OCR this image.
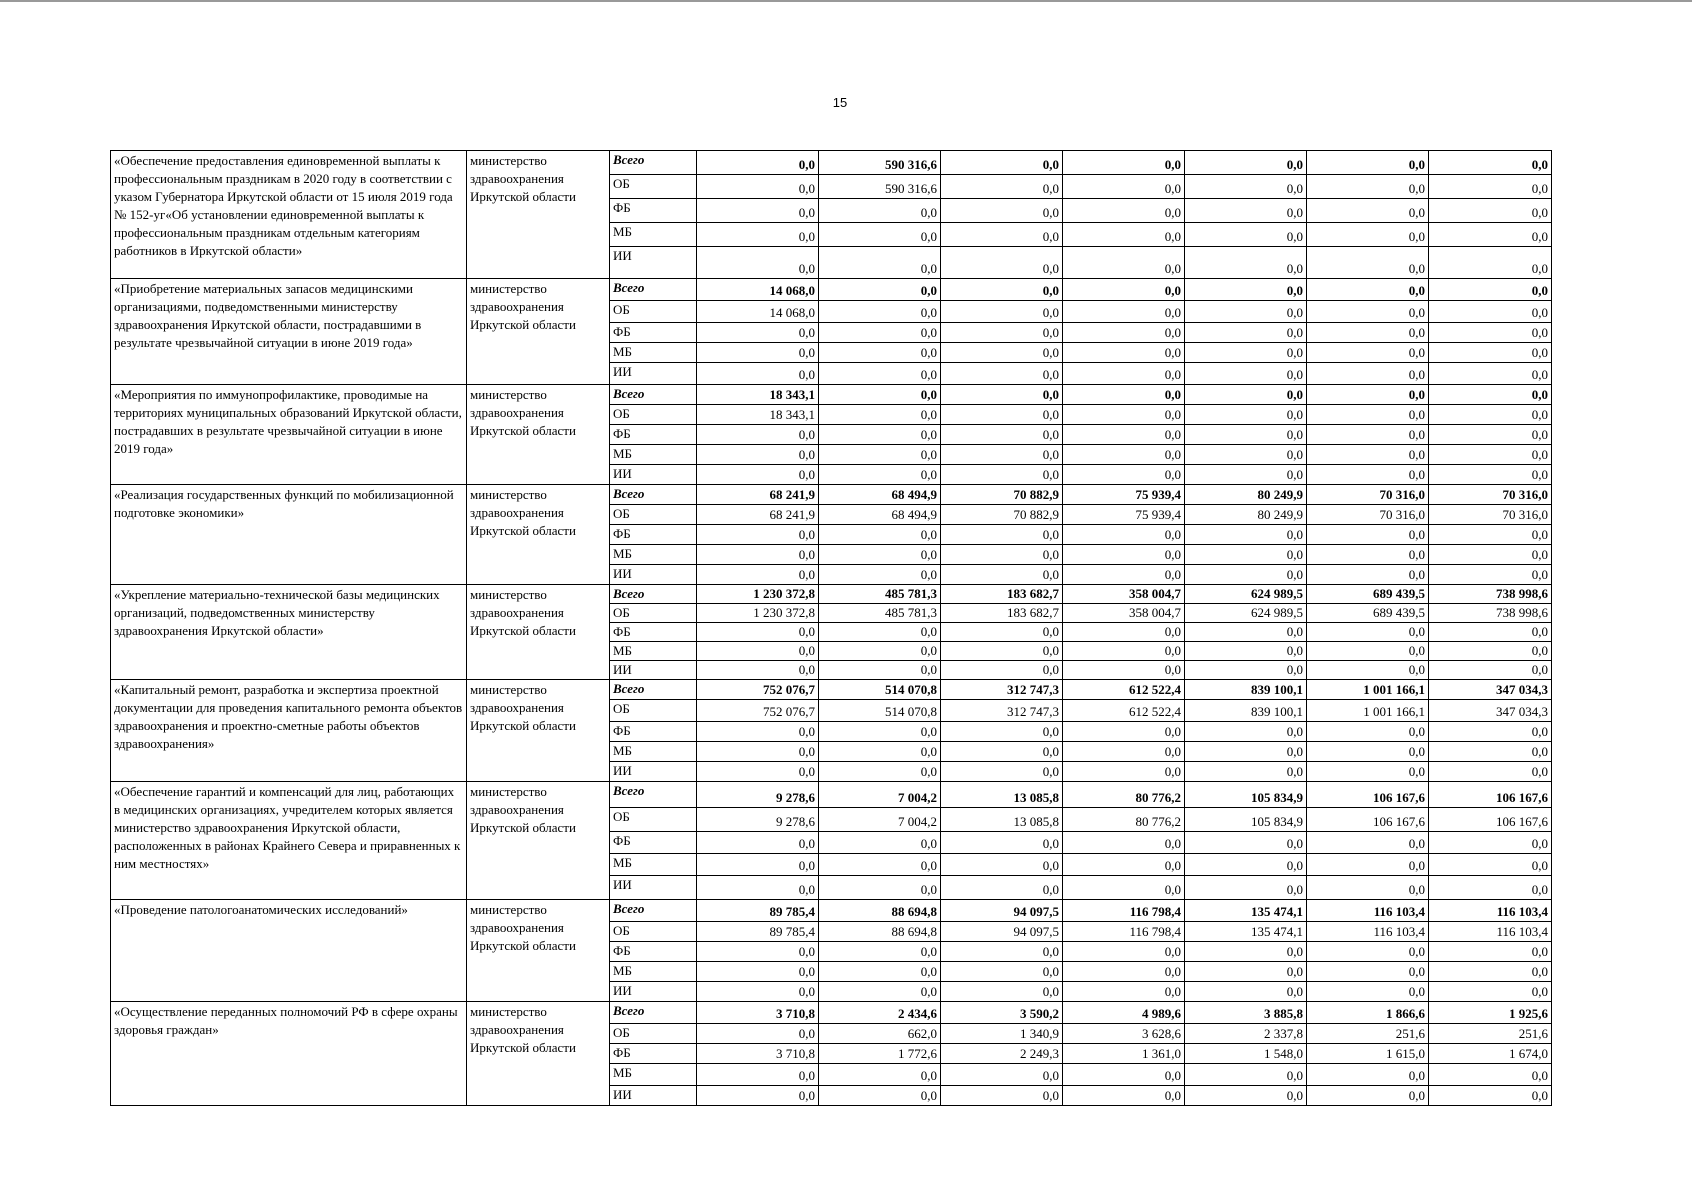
15
«Обеспечение предоставления единовременной выплаты к профессиональным праздникам в 2020 году в соответствии с указом Губернатора Иркутской области от 15 июля 2019 года № 152-уг«Об установлении единовременной выплаты к профессиональным праздникам отдельным категориям работников в Иркутской области»	министерство здравоохранения Иркутской области	Всего	0,0	590 316,6	0,0	0,0	0,0	0,0	0,0
		ОБ	0,0	590 316,6	0,0	0,0	0,0	0,0	0,0
		ФБ	0,0	0,0	0,0	0,0	0,0	0,0	0,0
		МБ	0,0	0,0	0,0	0,0	0,0	0,0	0,0
		ИИ	0,0	0,0	0,0	0,0	0,0	0,0	0,0
«Приобретение материальных запасов медицинскими организациями, подведомственными министерству здравоохранения Иркутской области, пострадавшими в результате чрезвычайной ситуации в июне 2019 года»	министерство здравоохранения Иркутской области	Всего	14 068,0	0,0	0,0	0,0	0,0	0,0	0,0
		ОБ	14 068,0	0,0	0,0	0,0	0,0	0,0	0,0
		ФБ	0,0	0,0	0,0	0,0	0,0	0,0	0,0
		МБ	0,0	0,0	0,0	0,0	0,0	0,0	0,0
		ИИ	0,0	0,0	0,0	0,0	0,0	0,0	0,0
«Мероприятия по иммунопрофилактике, проводимые на территориях муниципальных образований Иркутской области, пострадавших в результате чрезвычайной ситуации в июне 2019 года»	министерство здравоохранения Иркутской области	Всего	18 343,1	0,0	0,0	0,0	0,0	0,0	0,0
		ОБ	18 343,1	0,0	0,0	0,0	0,0	0,0	0,0
		ФБ	0,0	0,0	0,0	0,0	0,0	0,0	0,0
		МБ	0,0	0,0	0,0	0,0	0,0	0,0	0,0
		ИИ	0,0	0,0	0,0	0,0	0,0	0,0	0,0
«Реализация государственных функций по мобилизационной подготовке экономики»	министерство здравоохранения Иркутской области	Всего	68 241,9	68 494,9	70 882,9	75 939,4	80 249,9	70 316,0	70 316,0
		ОБ	68 241,9	68 494,9	70 882,9	75 939,4	80 249,9	70 316,0	70 316,0
		ФБ	0,0	0,0	0,0	0,0	0,0	0,0	0,0
		МБ	0,0	0,0	0,0	0,0	0,0	0,0	0,0
		ИИ	0,0	0,0	0,0	0,0	0,0	0,0	0,0
«Укрепление материально-технической базы медицинских организаций, подведомственных министерству здравоохранения Иркутской области»	министерство здравоохранения Иркутской области	Всего	1 230 372,8	485 781,3	183 682,7	358 004,7	624 989,5	689 439,5	738 998,6
		ОБ	1 230 372,8	485 781,3	183 682,7	358 004,7	624 989,5	689 439,5	738 998,6
		ФБ	0,0	0,0	0,0	0,0	0,0	0,0	0,0
		МБ	0,0	0,0	0,0	0,0	0,0	0,0	0,0
		ИИ	0,0	0,0	0,0	0,0	0,0	0,0	0,0
«Капитальный ремонт, разработка и экспертиза проектной документации для проведения капитального ремонта объектов здравоохранения и проектно-сметные работы объектов здравоохранения»	министерство здравоохранения Иркутской области	Всего	752 076,7	514 070,8	312 747,3	612 522,4	839 100,1	1 001 166,1	347 034,3
		ОБ	752 076,7	514 070,8	312 747,3	612 522,4	839 100,1	1 001 166,1	347 034,3
		ФБ	0,0	0,0	0,0	0,0	0,0	0,0	0,0
		МБ	0,0	0,0	0,0	0,0	0,0	0,0	0,0
		ИИ	0,0	0,0	0,0	0,0	0,0	0,0	0,0
«Обеспечение гарантий и компенсаций для лиц, работающих в медицинских организациях, учредителем которых является министерство здравоохранения Иркутской области, расположенных в районах Крайнего Севера и приравненных к ним местностях»	министерство здравоохранения Иркутской области	Всего	9 278,6	7 004,2	13 085,8	80 776,2	105 834,9	106 167,6	106 167,6
		ОБ	9 278,6	7 004,2	13 085,8	80 776,2	105 834,9	106 167,6	106 167,6
		ФБ	0,0	0,0	0,0	0,0	0,0	0,0	0,0
		МБ	0,0	0,0	0,0	0,0	0,0	0,0	0,0
		ИИ	0,0	0,0	0,0	0,0	0,0	0,0	0,0
«Проведение патологоанатомических исследований»	министерство здравоохранения Иркутской области	Всего	89 785,4	88 694,8	94 097,5	116 798,4	135 474,1	116 103,4	116 103,4
		ОБ	89 785,4	88 694,8	94 097,5	116 798,4	135 474,1	116 103,4	116 103,4
		ФБ	0,0	0,0	0,0	0,0	0,0	0,0	0,0
		МБ	0,0	0,0	0,0	0,0	0,0	0,0	0,0
		ИИ	0,0	0,0	0,0	0,0	0,0	0,0	0,0
«Осуществление переданных полномочий РФ в сфере охраны здоровья граждан»	министерство здравоохранения Иркутской области	Всего	3 710,8	2 434,6	3 590,2	4 989,6	3 885,8	1 866,6	1 925,6
		ОБ	0,0	662,0	1 340,9	3 628,6	2 337,8	251,6	251,6
		ФБ	3 710,8	1 772,6	2 249,3	1 361,0	1 548,0	1 615,0	1 674,0
		МБ	0,0	0,0	0,0	0,0	0,0	0,0	0,0
		ИИ	0,0	0,0	0,0	0,0	0,0	0,0	0,0
